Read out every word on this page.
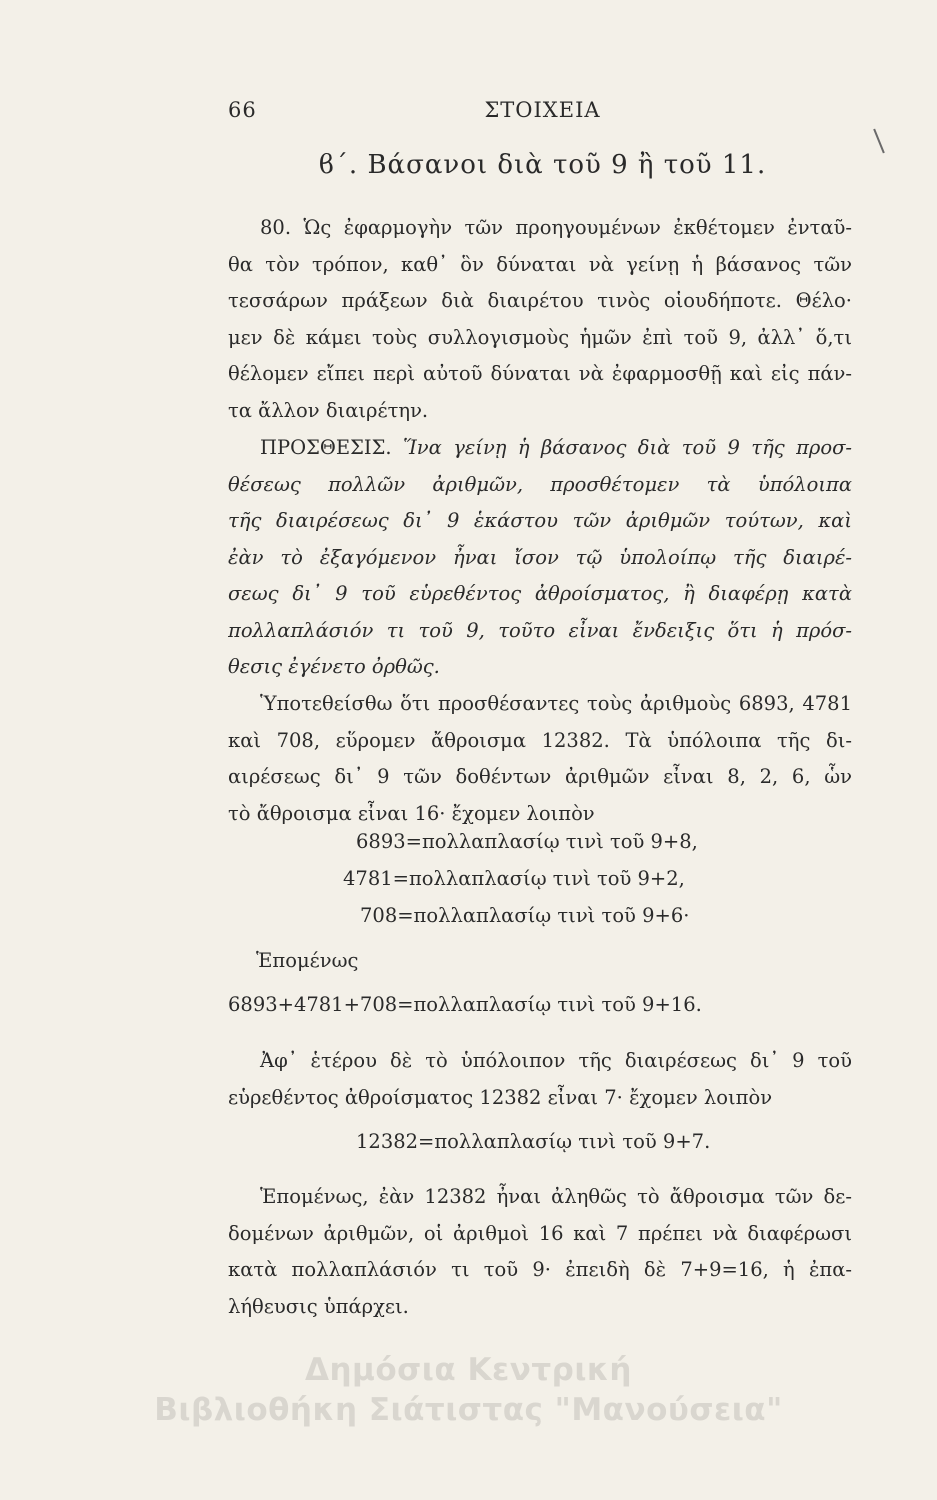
66	ΣΤΟΙΧΕΙΑ
ϐ΄. Βάσανοι διὰ τοῦ 9 ἢ τοῦ 11.
80. Ὡς ἐφαρμογὴν τῶν προηγουμένων ἐκθέτομεν ἐνταῦ-
θα τὸν τρόπον, καθ᾽ ὃν δύναται νὰ γείνῃ ἡ βάσανος τῶν
τεσσάρων πράξεων διὰ διαιρέτου τινὸς οἱουδήποτε. Θέλο·
μεν δὲ κάμει τοὺς συλλογισμοὺς ἡμῶν ἐπὶ τοῦ 9, ἀλλ᾽ ὅ,τι
θέλομεν εἴπει περὶ αὐτοῦ δύναται νὰ ἐφαρμοσθῇ καὶ εἰς πάν-
τα ἄλλον διαιρέτην.
ΠΡΟΣΘΕΣΙΣ. Ἵνα γείνῃ ἡ βάσανος διὰ τοῦ 9 τῆς προσ-
θέσεως πολλῶν ἀριθμῶν, προσθέτομεν τὰ ὑπόλοιπα
τῆς διαιρέσεως δι᾽ 9 ἑκάστου τῶν ἀριθμῶν τούτων, καὶ
ἐὰν τὸ ἐξαγόμενον ἦναι ἴσον τῷ ὑπολοίπῳ τῆς διαιρέ-
σεως δι᾽ 9 τοῦ εὑρεθέντος ἀθροίσματος, ἢ διαφέρῃ κατὰ
πολλαπλάσιόν τι τοῦ 9, τοῦτο εἶναι ἔνδειξις ὅτι ἡ πρόσ-
θεσις ἐγένετο ὀρθῶς.
Ὑποτεθείσθω ὅτι προσθέσαντες τοὺς ἀριθμοὺς 6893, 4781
καὶ 708, εὕρομεν ἄθροισμα 12382. Τὰ ὑπόλοιπα τῆς δι-
αιρέσεως δι᾽ 9 τῶν δοθέντων ἀριθμῶν εἶναι 8, 2, 6, ὧν
τὸ ἄθροισμα εἶναι 16· ἔχομεν λοιπὸν
6893=πολλαπλασίῳ τινὶ τοῦ 9+8,
4781=πολλαπλασίῳ τινὶ τοῦ 9+2,
708=πολλαπλασίῳ τινὶ τοῦ 9+6·
Ἑπομένως
6893+4781+708=πολλαπλασίῳ τινὶ τοῦ 9+16.
Ἀφ᾽ ἑτέρου δὲ τὸ ὑπόλοιπον τῆς διαιρέσεως δι᾽ 9 τοῦ
εὑρεθέντος ἀθροίσματος 12382 εἶναι 7· ἔχομεν λοιπὸν
12382=πολλαπλασίῳ τινὶ τοῦ 9+7.
Ἑπομένως, ἐὰν 12382 ἦναι ἀληθῶς τὸ ἄθροισμα τῶν δε-
δομένων ἀριθμῶν, οἱ ἀριθμοὶ 16 καὶ 7 πρέπει νὰ διαφέρωσι
κατὰ πολλαπλάσιόν τι τοῦ 9· ἐπειδὴ δὲ 7+9=16, ἡ ἐπα-
λήθευσις ὑπάρχει.
Δημόσια Κεντρική
Βιβλιοθήκη Σιάτιστας "Μανούσεια"
